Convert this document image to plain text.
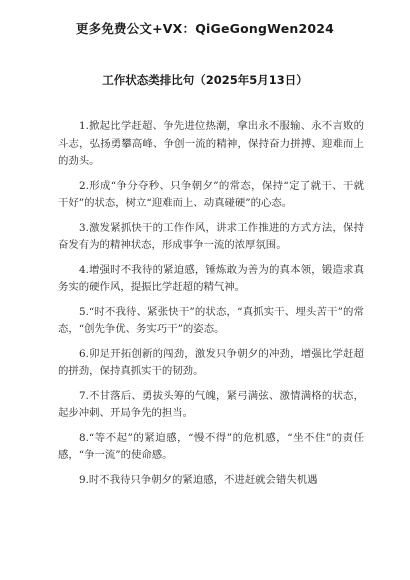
更多免费公文+VX：QiGeGongWen2024
工作状态类排比句（2025年5月13日）

1.掀起比学赶超、争先进位热潮，拿出永不服输、永不言败的斗志，弘扬勇攀高峰、争创一流的精神，保持奋力拼搏、迎难而上的劲头。

2.形成“争分夺秒、只争朝夕”的常态，保持“定了就干、干就干好”的状态，树立“迎难而上、动真碰硬”的心态。

3.激发紧抓快干的工作作风，讲求工作推进的方式方法，保持奋发有为的精神状态，形成事争一流的浓厚氛围。

4.增强时不我待的紧迫感，锤炼敢为善为的真本领，锻造求真务实的硬作风，提振比学赶超的精气神。

5.“时不我待、紧张快干”的状态，“真抓实干、埋头苦干”的常态，“创先争优、务实巧干”的姿态。

6.卯足开拓创新的闯劲，激发只争朝夕的冲劲，增强比学赶超的拼劲，保持真抓实干的韧劲。

7.不甘落后、勇拔头筹的气魄，紧弓满弦、激情满格的状态，起步冲刺、开局争先的担当。

8.“等不起”的紧迫感，“慢不得”的危机感，“坐不住”的责任感，“争一流”的使命感。

9.时不我待只争朝夕的紧迫感，不进赶就会错失机遇
